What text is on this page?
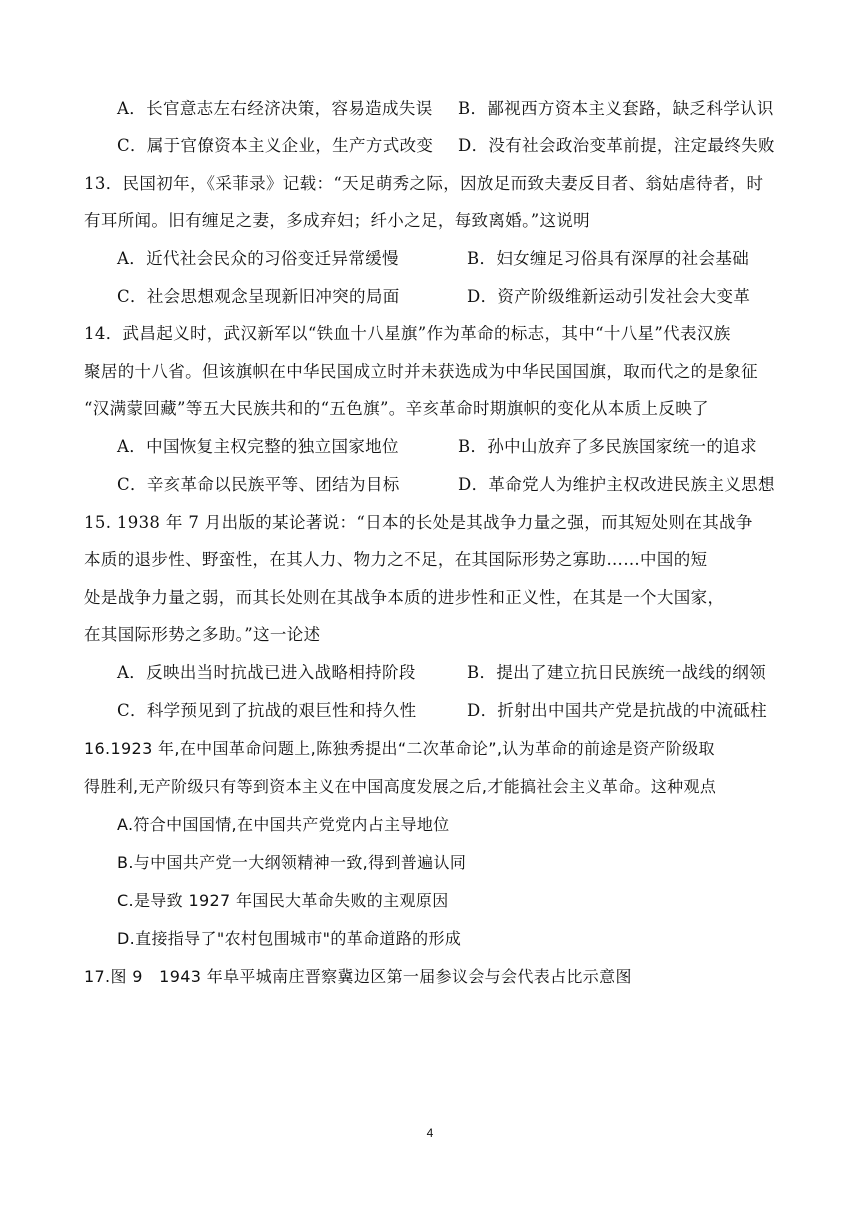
A．长官意志左右经济决策，容易造成失误 B．鄙视西方资本主义套路，缺乏科学认识
C．属于官僚资本主义企业，生产方式改变 D．没有社会政治变革前提，注定最终失败
13．民国初年，《采菲录》记载：“天足萌秀之际，因放足而致夫妻反目者、翁姑虐待者，时
有耳所闻。旧有缠足之妻，多成弃妇；纤小之足，每致离婚。”这说明
A．近代社会民众的习俗变迁异常缓慢	B．妇女缠足习俗具有深厚的社会基础
C．社会思想观念呈现新旧冲突的局面	D．资产阶级维新运动引发社会大变革
14．武昌起义时，武汉新军以“铁血十八星旗”作为革命的标志，其中“十八星”代表汉族
聚居的十八省。但该旗帜在中华民国成立时并未获选成为中华民国国旗，取而代之的是象征
“汉满蒙回藏”等五大民族共和的“五色旗”。辛亥革命时期旗帜的变化从本质上反映了
A．中国恢复主权完整的独立国家地位	B．孙中山放弃了多民族国家统一的追求
C．辛亥革命以民族平等、团结为目标	D．革命党人为维护主权改进民族主义思想
15. 1938 年 7 月出版的某论著说：“日本的长处是其战争力量之强，而其短处则在其战争
本质的退步性、野蛮性，在其人力、物力之不足，在其国际形势之寡助……中国的短
处是战争力量之弱，而其长处则在其战争本质的进步性和正义性，在其是一个大国家，
在其国际形势之多助。”这一论述
A．反映出当时抗战已进入战略相持阶段	B．提出了建立抗日民族统一战线的纲领
C．科学预见到了抗战的艰巨性和持久性	D．折射出中国共产党是抗战的中流砥柱
16.1923 年,在中国革命问题上,陈独秀提出“二次革命论”,认为革命的前途是资产阶级取
得胜利,无产阶级只有等到资本主义在中国高度发展之后,才能搞社会主义革命。这种观点
A.符合中国国情,在中国共产党党内占主导地位
B.与中国共产党一大纲领精神一致,得到普遍认同
C.是导致 1927 年国民大革命失败的主观原因
D.直接指导了"农村包围城市"的革命道路的形成
17.图 9　1943 年阜平城南庄晋察冀边区第一届参议会与会代表占比示意图
4
